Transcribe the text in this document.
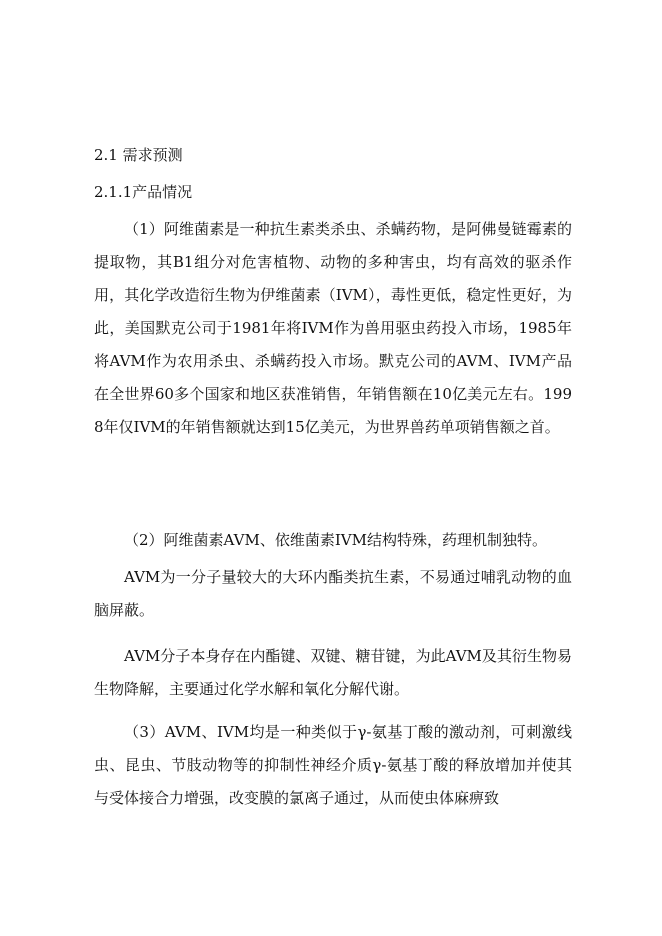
2.1 需求预测
2.1.1产品情况

（1）阿维菌素是一种抗生素类杀虫、杀螨药物，是阿佛曼链霉素的提取物，其B1组分对危害植物、动物的多种害虫，均有高效的驱杀作用，其化学改造衍生物为伊维菌素（IVM），毒性更低，稳定性更好，为此，美国默克公司于1981年将IVM作为兽用驱虫药投入市场，1985年将AVM作为农用杀虫、杀螨药投入市场。默克公司的AVM、IVM产品在全世界60多个国家和地区获准销售，年销售额在10亿美元左右。1998年仅IVM的年销售额就达到15亿美元，为世界兽药单项销售额之首。

（2）阿维菌素AVM、依维菌素IVM结构特殊，药理机制独特。

AVM为一分子量较大的大环内酯类抗生素，不易通过哺乳动物的血脑屏蔽。

AVM分子本身存在内酯键、双键、糖苷键，为此AVM及其衍生物易生物降解，主要通过化学水解和氧化分解代谢。

（3）AVM、IVM均是一种类似于γ-氨基丁酸的激动剂，可刺激线虫、昆虫、节肢动物等的抑制性神经介质γ-氨基丁酸的释放增加并使其与受体接合力增强，改变膜的氯离子通过，从而使虫体麻痹致
